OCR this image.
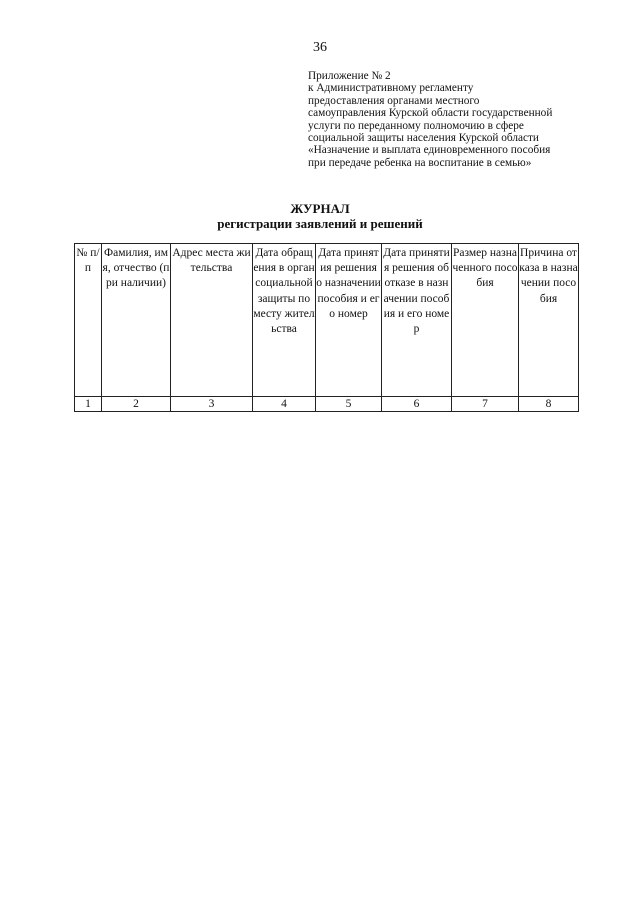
36
Приложение № 2
к Административному регламенту
предоставления органами местного
самоуправления Курской области государственной
услуги по переданному полномочию в сфере
социальной защиты населения Курской области
«Назначение и выплата единовременного пособия
при передаче ребенка на воспитание в семью»
ЖУРНАЛ
регистрации заявлений и решений
№ п/п	Фамилия, имя, отчество (при наличии)	Адрес места жительства	Дата обращения в орган социальной защиты по месту жительства	Дата принятия решения о назначении пособия и его номер	Дата принятия решения об отказе в назначении пособия и его номер	Размер назначенного пособия	Причина отказа в назначении пособия

1	2	3	4	5	6	7	8
